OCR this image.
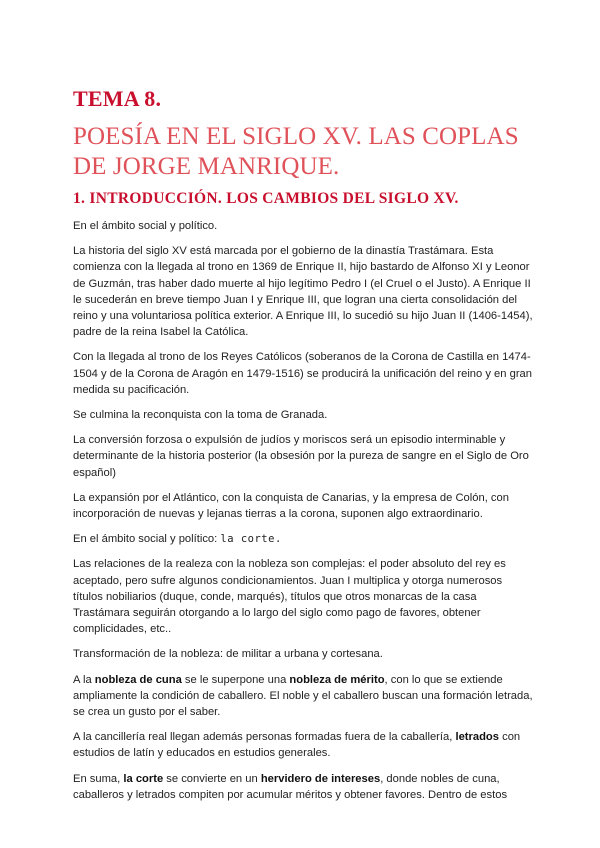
TEMA 8.
POESÍA EN EL SIGLO XV. LAS COPLAS DE JORGE MANRIQUE.
1. INTRODUCCIÓN. LOS CAMBIOS DEL SIGLO XV.

En el ámbito social y político.

La historia del siglo XV está marcada por el gobierno de la dinastía Trastámara. Esta comienza con la llegada al trono en 1369 de Enrique II, hijo bastardo de Alfonso XI y Leonor de Guzmán, tras haber dado muerte al hijo legítimo Pedro I (el Cruel o el Justo). A Enrique II le sucederán en breve tiempo Juan I y Enrique III, que logran una cierta consolidación del reino y una voluntariosa política exterior. A Enrique III, lo sucedió su hijo Juan II (1406-1454), padre de la reina Isabel la Católica.

Con la llegada al trono de los Reyes Católicos (soberanos de la Corona de Castilla en 1474-1504 y de la Corona de Aragón en 1479-1516) se producirá la unificación del reino y en gran medida su pacificación.

Se culmina la reconquista con la toma de Granada.

La conversión forzosa o expulsión de judíos y moriscos será un episodio interminable y determinante de la historia posterior (la obsesión por la pureza de sangre en el Siglo de Oro español)

La expansión por el Atlántico, con la conquista de Canarias, y la empresa de Colón, con incorporación de nuevas y lejanas tierras a la corona, suponen algo extraordinario.

En el ámbito social y político: la corte.

Las relaciones de la realeza con la nobleza son complejas: el poder absoluto del rey es aceptado, pero sufre algunos condicionamientos. Juan I multiplica y otorga numerosos títulos nobiliarios (duque, conde, marqués), títulos que otros monarcas de la casa Trastámara seguirán otorgando a lo largo del siglo como pago de favores, obtener complicidades, etc..

Transformación de la nobleza: de militar a urbana y cortesana.

A la nobleza de cuna se le superpone una nobleza de mérito, con lo que se extiende ampliamente la condición de caballero. El noble y el caballero buscan una formación letrada, se crea un gusto por el saber.

A la cancillería real llegan además personas formadas fuera de la caballería, letrados con estudios de latín y educados en estudios generales.

En suma, la corte se convierte en un hervidero de intereses, donde nobles de cuna, caballeros y letrados compiten por acumular méritos y obtener favores. Dentro de estos
